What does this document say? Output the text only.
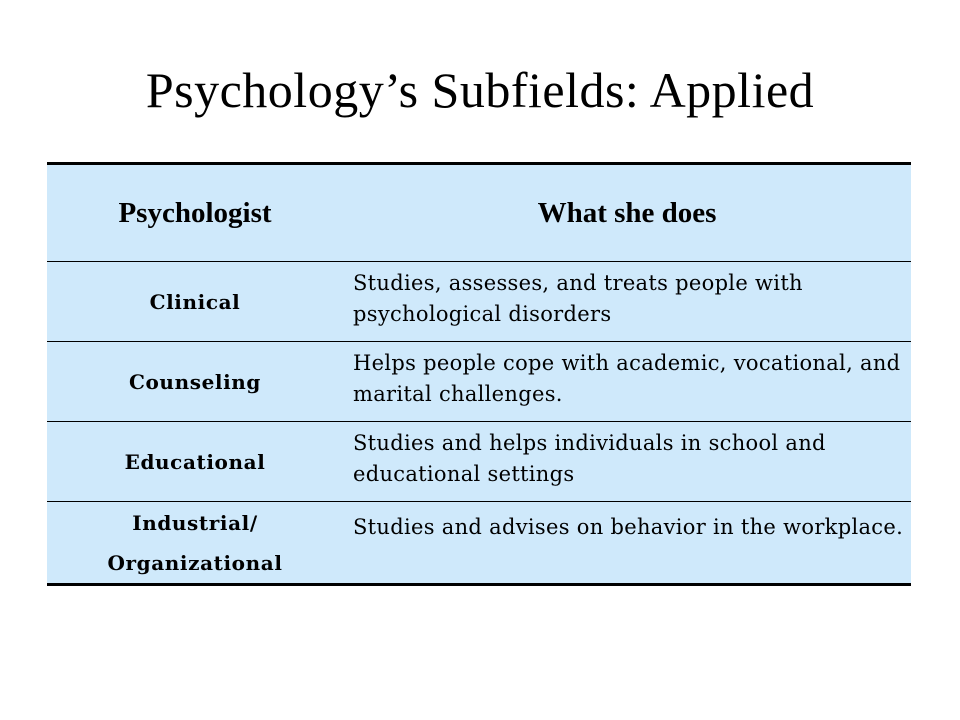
Psychology’s Subfields: Applied
Psychologist	What she does
Clinical
Studies, assesses, and treats people with psychological disorders
Counseling
Helps people cope with academic, vocational, and marital challenges.
Educational
Studies and helps individuals in school and educational settings
Industrial/ Organizational
Studies and advises on behavior in the workplace.
